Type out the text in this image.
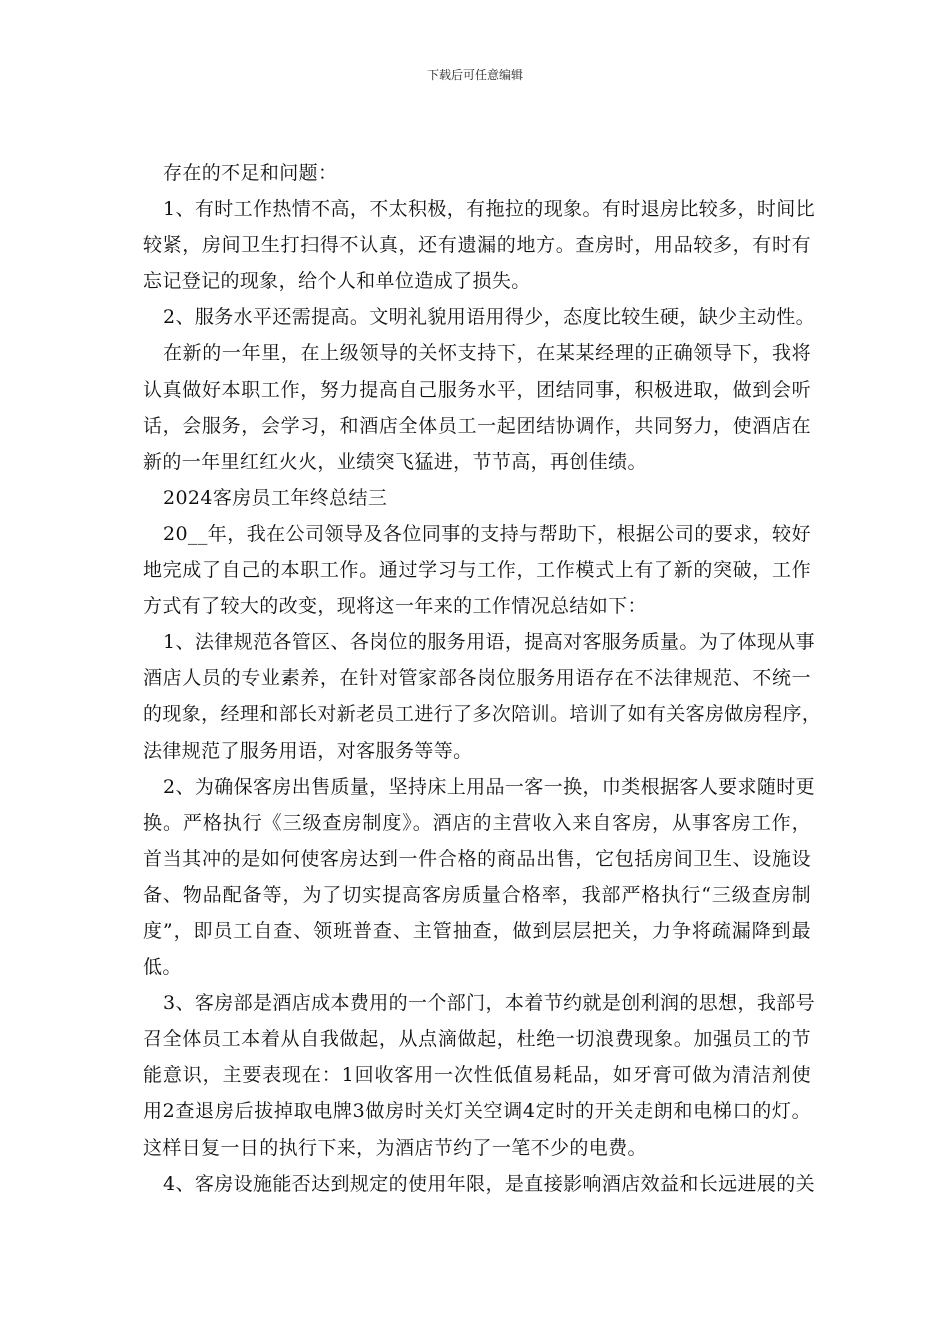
下载后可任意编辑
存在的不足和问题：
1、有时工作热情不高，不太积极，有拖拉的现象。有时退房比较多，时间比
较紧，房间卫生打扫得不认真，还有遗漏的地方。查房时，用品较多，有时有
忘记登记的现象，给个人和单位造成了损失。
2、服务水平还需提高。文明礼貌用语用得少，态度比较生硬，缺少主动性。
在新的一年里，在上级领导的关怀支持下，在某某经理的正确领导下，我将
认真做好本职工作，努力提高自己服务水平，团结同事，积极进取，做到会听
话，会服务，会学习，和酒店全体员工一起团结协调作，共同努力，使酒店在
新的一年里红红火火，业绩突飞猛进，节节高，再创佳绩。
2024客房员工年终总结三
20__年，我在公司领导及各位同事的支持与帮助下，根据公司的要求，较好
地完成了自己的本职工作。通过学习与工作，工作模式上有了新的突破，工作
方式有了较大的改变，现将这一年来的工作情况总结如下：
1、法律规范各管区、各岗位的服务用语，提高对客服务质量。为了体现从事
酒店人员的专业素养，在针对管家部各岗位服务用语存在不法律规范、不统一
的现象，经理和部长对新老员工进行了多次陪训。培训了如有关客房做房程序，
法律规范了服务用语，对客服务等等。
2、为确保客房出售质量，坚持床上用品一客一换，巾类根据客人要求随时更
换。严格执行《三级查房制度》。酒店的主营收入来自客房，从事客房工作，
首当其冲的是如何使客房达到一件合格的商品出售，它包括房间卫生、设施设
备、物品配备等，为了切实提高客房质量合格率，我部严格执行“三级查房制
度”，即员工自查、领班普查、主管抽查，做到层层把关，力争将疏漏降到最
低。
3、客房部是酒店成本费用的一个部门，本着节约就是创利润的思想，我部号
召全体员工本着从自我做起，从点滴做起，杜绝一切浪费现象。加强员工的节
能意识，主要表现在：1回收客用一次性低值易耗品，如牙膏可做为清洁剂使
用2查退房后拔掉取电牌3做房时关灯关空调4定时的开关走朗和电梯口的灯。
这样日复一日的执行下来，为酒店节约了一笔不少的电费。
4、客房设施能否达到规定的使用年限，是直接影响酒店效益和长远进展的关
